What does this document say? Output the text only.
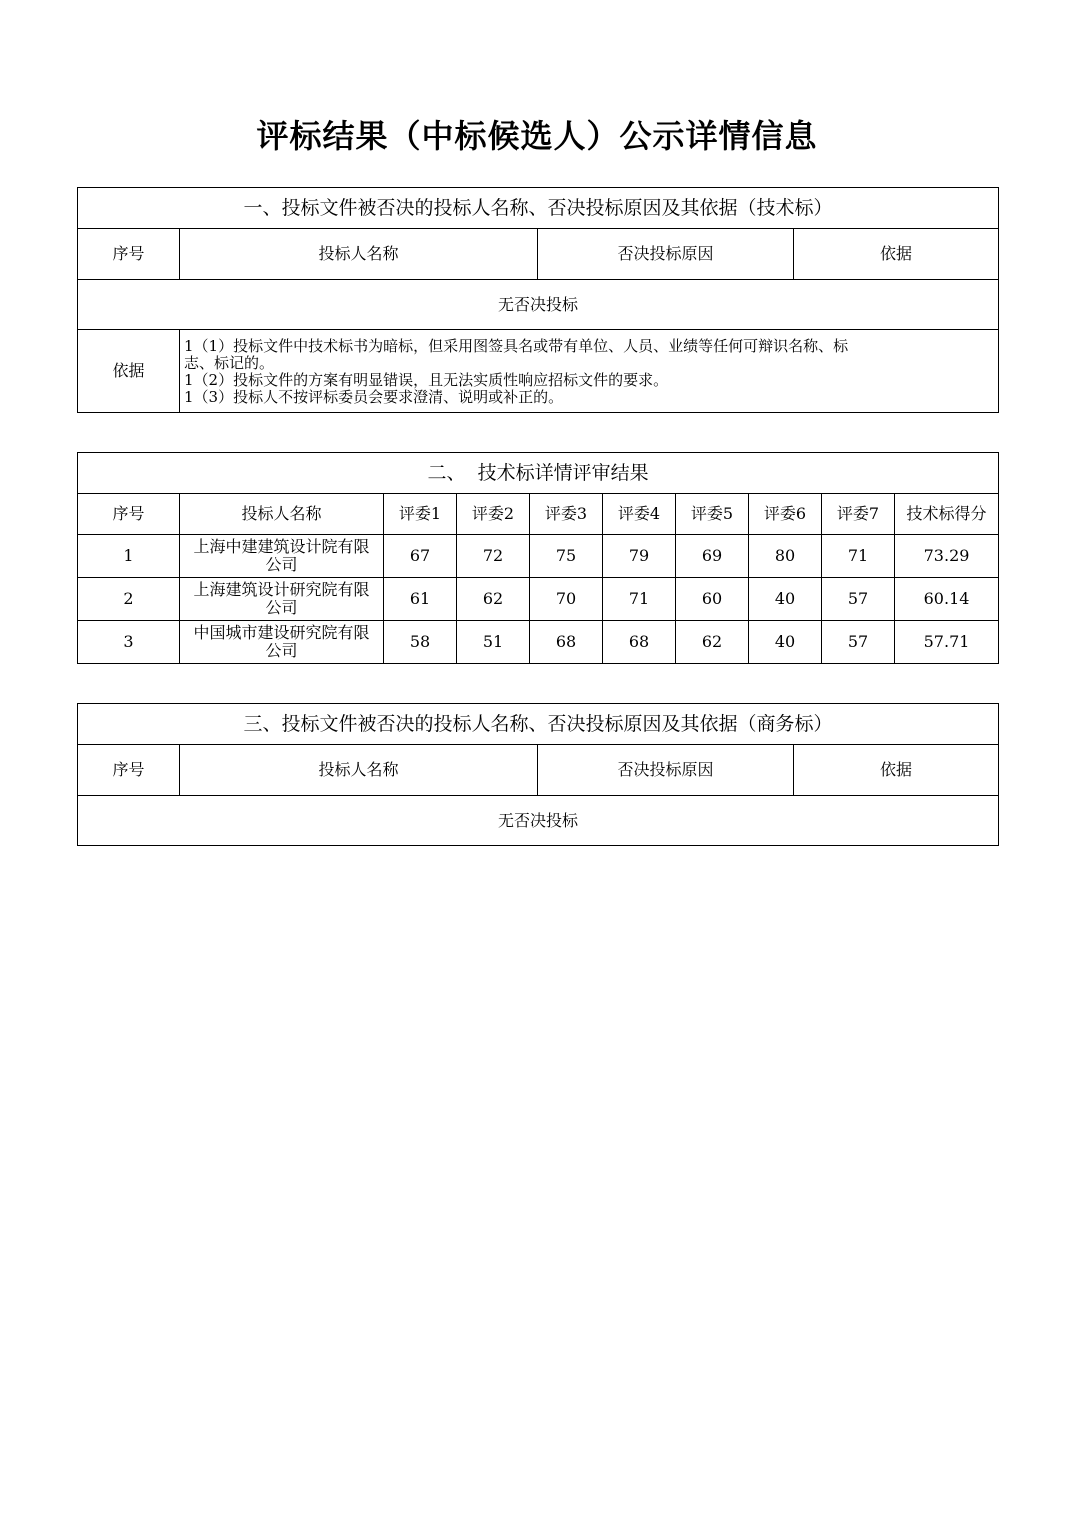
评标结果（中标候选人）公示详情信息
一、投标文件被否决的投标人名称、否决投标原因及其依据（技术标）			
序号	投标人名称	否决投标原因	依据
无否决投标			
依据	1（1）投标文件中技术标书为暗标，但采用图签具名或带有单位、人员、业绩等任何可辩识名称、标
志、标记的。
1（2）投标文件的方案有明显错误，且无法实质性响应招标文件的要求。
1（3）投标人不按评标委员会要求澄清、说明或补正的。		
二、  技术标详情评审结果									
序号	投标人名称	评委1	评委2	评委3	评委4	评委5	评委6	评委7	技术标得分
1	上海中建建筑设计院有限公司	67	72	75	79	69	80	71	73.29
2	上海建筑设计研究院有限公司	61	62	70	71	60	40	57	60.14
3	中国城市建设研究院有限公司	58	51	68	68	62	40	57	57.71
三、投标文件被否决的投标人名称、否决投标原因及其依据（商务标）
序号	投标人名称	否决投标原因	依据
无否决投标
